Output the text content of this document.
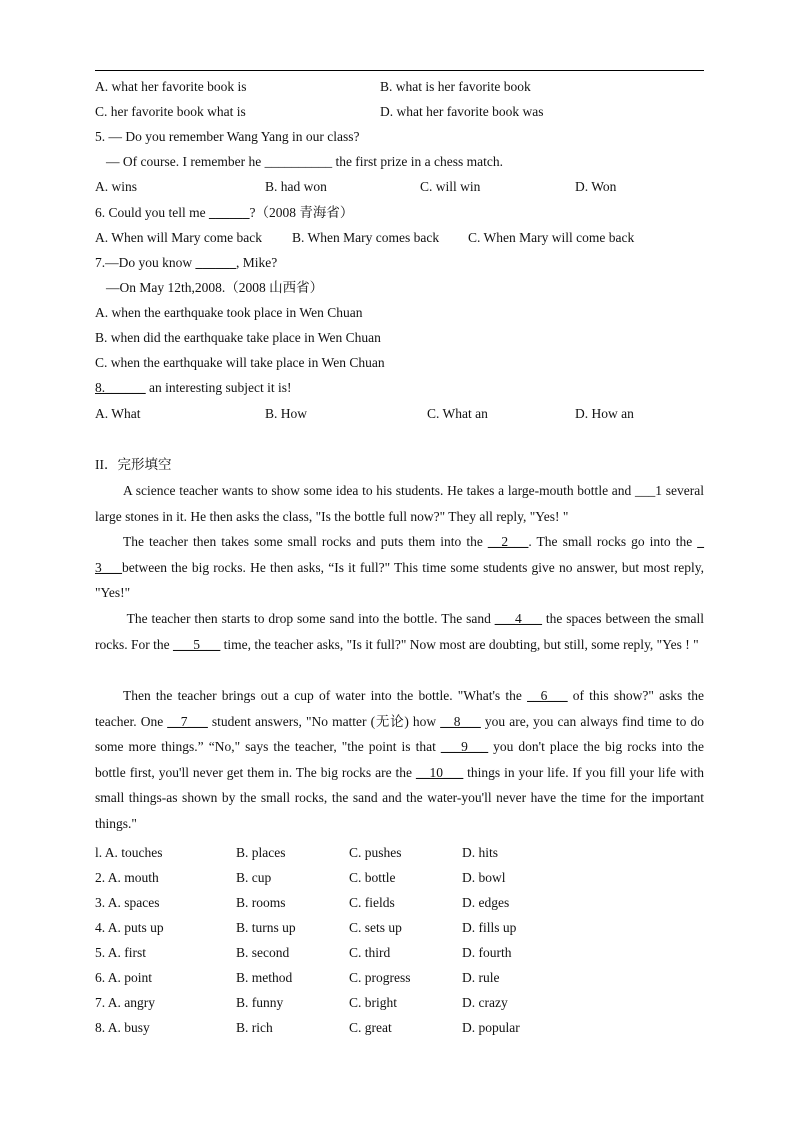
A. what her favorite book is	B. what is her favorite book
C. her favorite book what is	D. what her favorite book was
5. — Do you remember Wang Yang in our class?
— Of course. I remember he __________ the first prize in a chess match.
A. wins	B. had won	C. will win	D. Won
6. Could you tell me ______?（2008 青海省）
A. When will Mary come back B. When Mary comes back C. When Mary will come back
7.—Do you know ______, Mike?
—On May 12th,2008.（2008 山西省）
A. when the earthquake took place in Wen Chuan
B. when did the earthquake take place in Wen Chuan
C. when the earthquake will take place in Wen Chuan
8.______ an interesting subject it is!
A. What	B. How	C. What an	D. How an
II．完形填空
A science teacher wants to show some idea to his students. He takes a large-mouth bottle and ___1 several large stones in it. He then asks the class, "Is the bottle full now?" They all reply, "Yes! "
The teacher then takes some small rocks and puts them into the __2___. The small rocks go into the _ 3___between the big rocks. He then asks, “Is it full?" This time some students give no answer, but most reply, "Yes!"
The teacher then starts to drop some sand into the bottle. The sand ___4___ the spaces between the small rocks. For the ___5___ time, the teacher asks, "Is it full?" Now most are doubting, but still, some reply, "Yes ! "
Then the teacher brings out a cup of water into the bottle. "What's the __6___ of this show?" asks the teacher. One __7___ student answers, "No matter (无论) how __8___ you are, you can always find time to do some more things.” “No," says the teacher, "the point is that ___9___ you don't place the big rocks into the bottle first, you'll never get them in. The big rocks are the __10___ things in your life. If you fill your life with small things-as shown by the small rocks, the sand and the water-you'll never have the time for the important things."
l. A. touches	B. places	C. pushes	D. hits
2. A. mouth	B. cup	C. bottle	D. bowl
3. A. spaces	B. rooms	C. fields	D. edges
4. A. puts up	B. turns up	C. sets up	D. fills up
5. A. first	B. second	C. third	D. fourth
6. A. point	B. method	C. progress	D. rule
7. A. angry	B. funny	C. bright	D. crazy
8. A. busy	B. rich	C. great	D. popular
